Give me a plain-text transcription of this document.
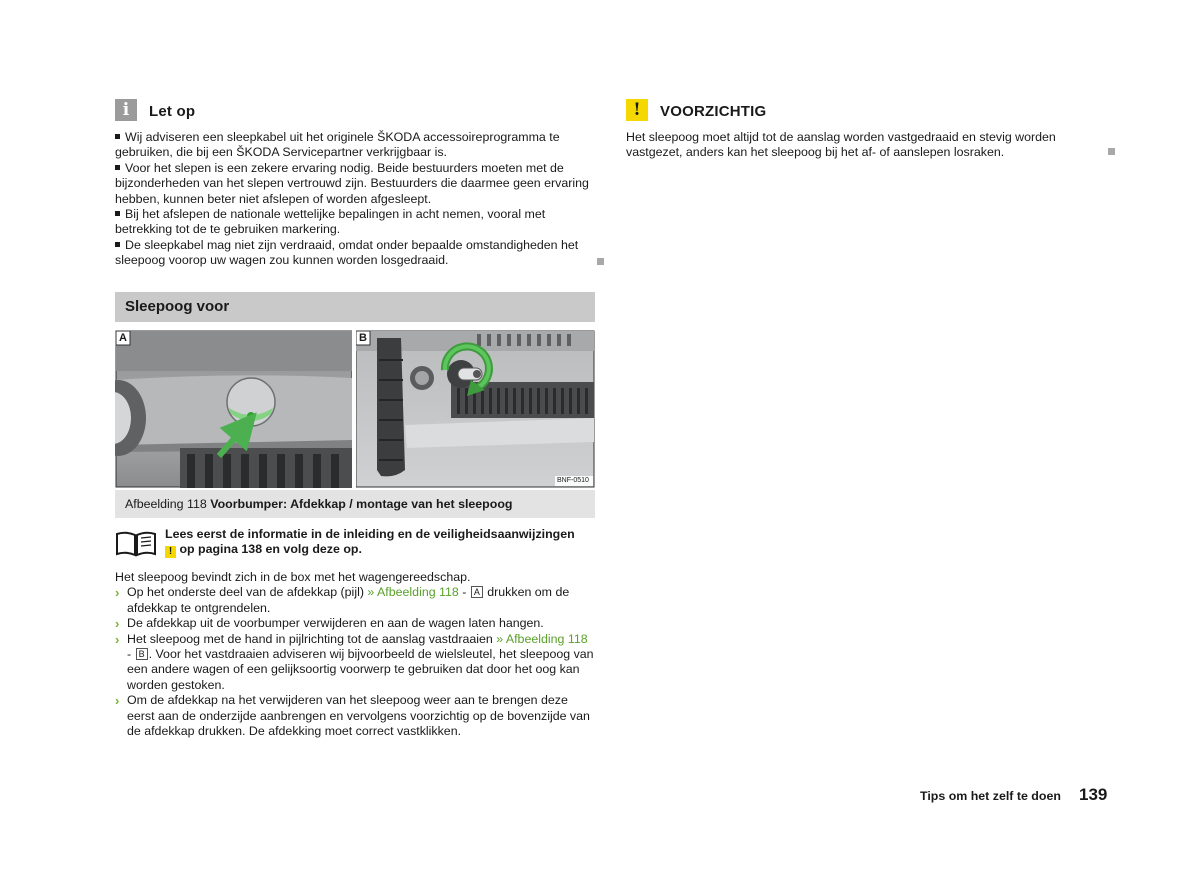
i	Let op

Wij adviseren een sleepkabel uit het originele ŠKODA accessoireprogramma te gebruiken, die bij een ŠKODA Servicepartner verkrijgbaar is.

Voor het slepen is een zekere ervaring nodig. Beide bestuurders moeten met de bijzonderheden van het slepen vertrouwd zijn. Bestuurders die daarmee geen ervaring hebben, kunnen beter niet afslepen of worden afgesleept.

Bij het afslepen de nationale wettelijke bepalingen in acht nemen, vooral met betrekking tot de te gebruiken markering.

De sleepkabel mag niet zijn verdraaid, omdat onder bepaalde omstandigheden het sleepoog voorop uw wagen zou kunnen worden losgedraaid.

Sleepoog voor
A	B
BNF-0510
Afbeelding 118 Voorbumper: Afdekkap / montage van het sleepoog
Lees eerst de informatie in de inleiding en de veiligheidsaanwijzingen
! op pagina 138 en volg deze op.

Het sleepoog bevindt zich in de box met het wagengereedschap.

› Op het onderste deel van de afdekkap (pijl) » Afbeelding 118 - A drukken om de afdekkap te ontgrendelen.
› De afdekkap uit de voorbumper verwijderen en aan de wagen laten hangen.
› Het sleepoog met de hand in pijlrichting tot de aanslag vastdraaien » Afbeelding 118 - B . Voor het vastdraaien adviseren wij bijvoorbeeld de wielsleutel, het sleepoog van een andere wagen of een gelijksoortig voorwerp te gebruiken dat door het oog kan worden gestoken.
› Om de afdekkap na het verwijderen van het sleepoog weer aan te brengen deze eerst aan de onderzijde aanbrengen en vervolgens voorzichtig op de bovenzijde van de afdekkap drukken. De afdekking moet correct vastklikken.
!	VOORZICHTIG
Het sleepoog moet altijd tot de aanslag worden vastgedraaid en stevig worden vastgezet, anders kan het sleepoog bij het af- of aanslepen losraken.
Tips om het zelf te doen 139
